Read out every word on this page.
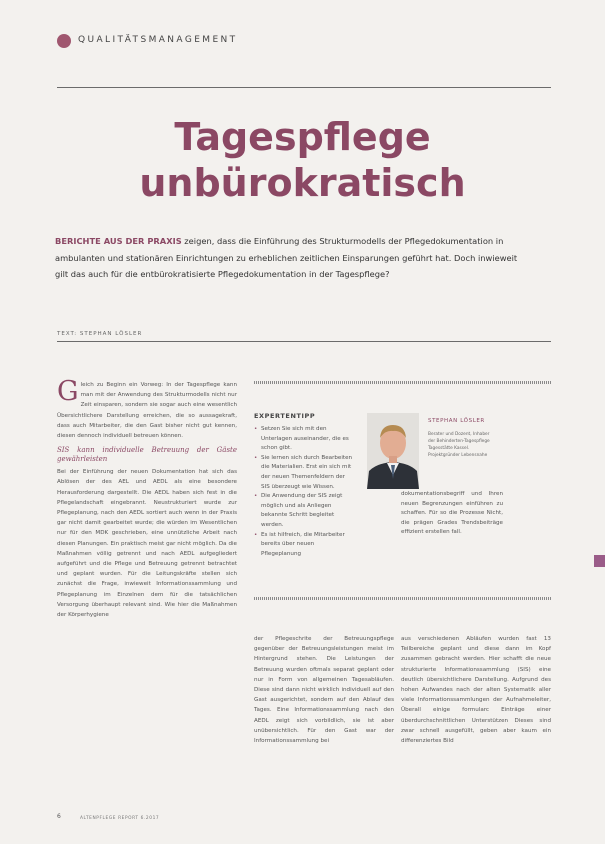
QUALITÄTSMANAGEMENT
Tagespflege
unbürokratisch
BERICHTE AUS DER PRAXIS zeigen, dass die Einführung des Strukturmodells der Pflegedokumentation in ambulanten und stationären Einrichtungen zu erheblichen zeitlichen Einsparungen geführt hat. Doch inwieweit gilt das auch für die entbürokratisierte Pflegedokumentation in der Tagespflege?
TEXT: STEPHAN LÖSLER
G leich zu Beginn ein Vorweg: In der Tagespflege kann man mit der Anwendung des Strukturmodells nicht nur Zeit einsparen, sondern sie sogar auch eine wesentlich Übersichtlichere Darstellung erreichen, die so aussagekraft, dass auch Mitarbeiter, die den Gast bisher nicht gut kennen, diesen dennoch individuell betreuen können.
SIS kann individuelle Betreuung der Gäste gewährleisten
Bei der Einführung der neuen Dokumentation hat sich das Ablösen der des AEL und AEDL als eine besondere Herausforderung dargestellt. Die AEDL haben sich fest in die Pflegelandschaft eingebrannt. Neustrukturiert wurde zur Pflegeplanung, nach den AEDL sortiert auch wenn in der Praxis gar nicht damit gearbeitet wurde; die würden im Wesentlichen nur für den MDK geschrieben, eine unnützliche Arbeit nach diesen Planungen. Ein praktisch meist gar nicht möglich. Da die Maßnahmen völlig getrennt und nach AEDL aufgegliedert aufgeführt und die Pflege und Betreuung getrennt betrachtet und geplant wurden. Für die Leitungskräfte stellen sich zunächst die Frage, inwieweit Informationssammlung und Pflegeplanung im Einzelnen dem für die tatsächlichen Versorgung überhaupt relevant sind. Wie hier die Maßnahmen der Körperhygiene
EXPERTENTIPP
• Setzen Sie sich mit den Unterlagen auseinander, die es schon gibt.
• Sie lernen sich durch Bearbeiten die Materialien. Erst ein sich mit der neuen Themenfeldern der SIS überzeugt wie Wissen.
• Die Anwendung der SIS zeigt möglich und als Anliegen bekannte Schritt begleitet werden.
• Es ist hilfreich, die Mitarbeiter bereits über neuen Pflegeplanung
STEPHAN LÖSLER
Berater und Dozent, Inhaber der Behinderten-Tagespflege Tagesstätte Kassel. Projektgründer Lebensnahe
dokumentationsbegriff und Ihren neuen Begrenzungen einführen zu schaffen. Für so die Prozesse Nicht, die prägen Grades Trendsbeiträge effizient erstellen fall.
der Pflegeschrite der Betreuungspflege gegenüber der Betreuungsleistungen meist im Hintergrund stehen. Die Leistungen der Betreuung wurden oftmals separat geplant oder nur in Form von allgemeinen Tagesabläufen. Diese sind dann nicht wirklich individuell auf den Gast ausgerichtet, sondern auf den Ablauf des Tages. Eine Informationssammlung nach den AEDL zeigt sich vorbildlich, sie ist aber unübersichtlich. Für den Gast war der Informationssammlung bei
aus verschiedenen Abläufen wurden fast 13 Teilbereiche geplant und diese dann im Kopf zusammen gebracht werden. Hier schafft die neue strukturierte Informationssammlung (SIS) eine deutlich übersichtlichere Darstellung. Aufgrund des hohen Aufwandes nach der alten Systematik aller viele Informationssammlungen der Aufnahmeleiter, Überall einige formularc Einträge einer überdurchschnittlichen Unterstützen Dieses sind zwar schnell ausgefüllt, geben aber kaum ein differenziertes Bild
6	ALTENPFLEGE REPORT 6.2017
